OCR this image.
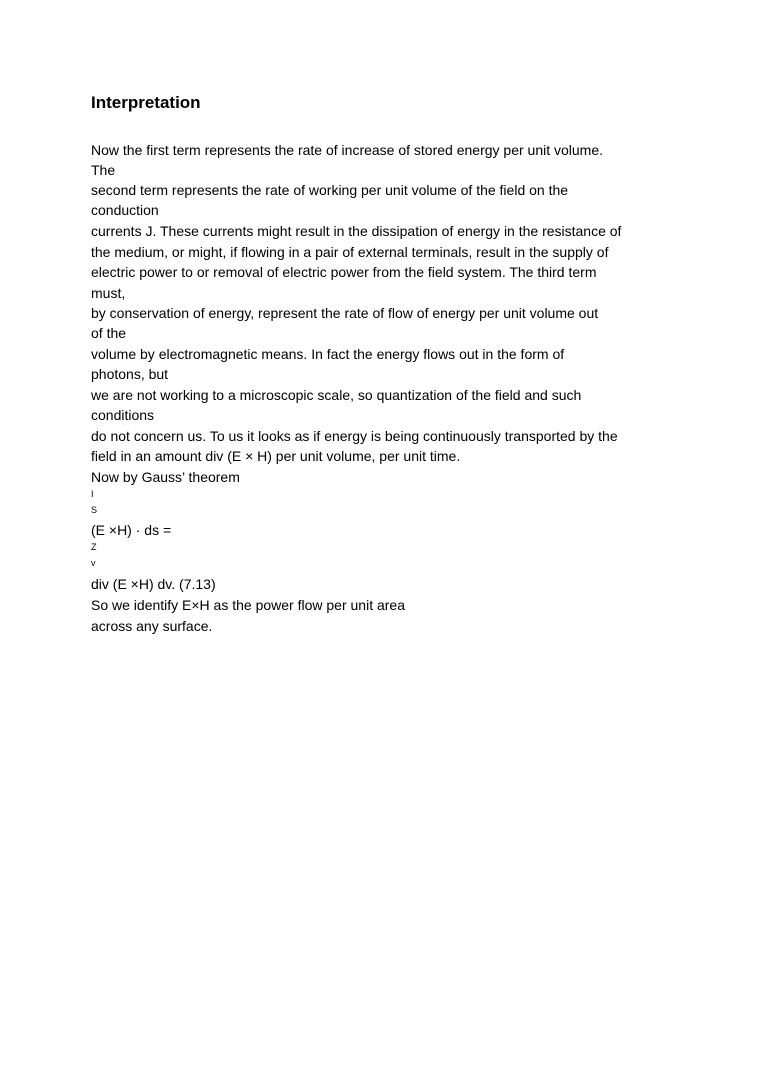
Interpretation
Now the first term represents the rate of increase of stored energy per unit volume.
The
second term represents the rate of working per unit volume of the field on the
conduction
currents J. These currents might result in the dissipation of energy in the resistance of
the medium, or might, if flowing in a pair of external terminals, result in the supply of
electric power to or removal of electric power from the field system. The third term
must,
by conservation of energy, represent the rate of flow of energy per unit volume out
of the
volume by electromagnetic means. In fact the energy flows out in the form of
photons, but
we are not working to a microscopic scale, so quantization of the field and such
conditions
do not concern us. To us it looks as if energy is being continuously transported by the
field in an amount div (E × H) per unit volume, per unit time.
Now by Gauss’ theorem
I
S
(E ×H) · ds =
Z
v
div (E ×H) dv. (7.13)
So we identify E×H as the power flow per unit area
across any surface.
